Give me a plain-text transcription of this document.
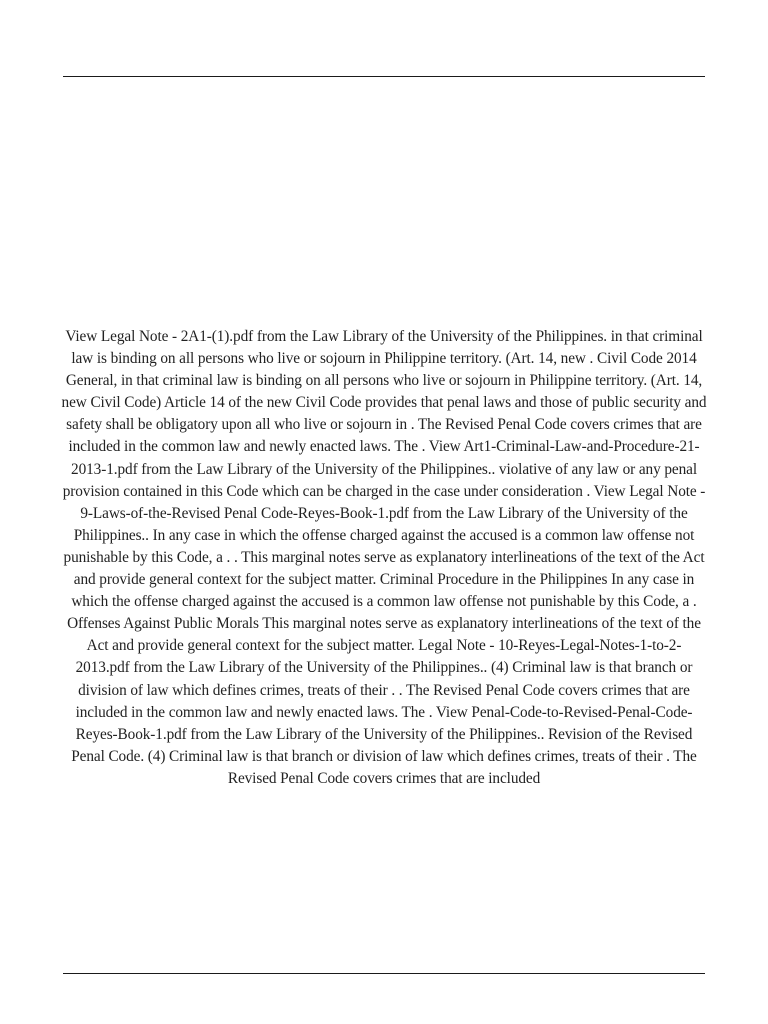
View Legal Note - 2A1-(1).pdf from the Law Library of the University of the Philippines. in that criminal law is binding on all persons who live or sojourn in Philippine territory. (Art. 14, new . Civil Code 2014 General, in that criminal law is binding on all persons who live or sojourn in Philippine territory. (Art. 14, new Civil Code) Article 14 of the new Civil Code provides that penal laws and those of public security and safety shall be obligatory upon all who live or sojourn in . The Revised Penal Code covers crimes that are included in the common law and newly enacted laws. The . View Art1-Criminal-Law-and-Procedure-21-2013-1.pdf from the Law Library of the University of the Philippines.. violative of any law or any penal provision contained in this Code which can be charged in the case under consideration . View Legal Note - 9-Laws-of-the-Revised Penal Code-Reyes-Book-1.pdf from the Law Library of the University of the Philippines.. In any case in which the offense charged against the accused is a common law offense not punishable by this Code, a . . This marginal notes serve as explanatory interlineations of the text of the Act and provide general context for the subject matter. Criminal Procedure in the Philippines In any case in which the offense charged against the accused is a common law offense not punishable by this Code, a . Offenses Against Public Morals This marginal notes serve as explanatory interlineations of the text of the Act and provide general context for the subject matter. Legal Note - 10-Reyes-Legal-Notes-1-to-2-2013.pdf from the Law Library of the University of the Philippines.. (4) Criminal law is that branch or division of law which defines crimes, treats of their . . The Revised Penal Code covers crimes that are included in the common law and newly enacted laws. The . View Penal-Code-to-Revised-Penal-Code-Reyes-Book-1.pdf from the Law Library of the University of the Philippines.. Revision of the Revised Penal Code. (4) Criminal law is that branch or division of law which defines crimes, treats of their . The Revised Penal Code covers crimes that are included
